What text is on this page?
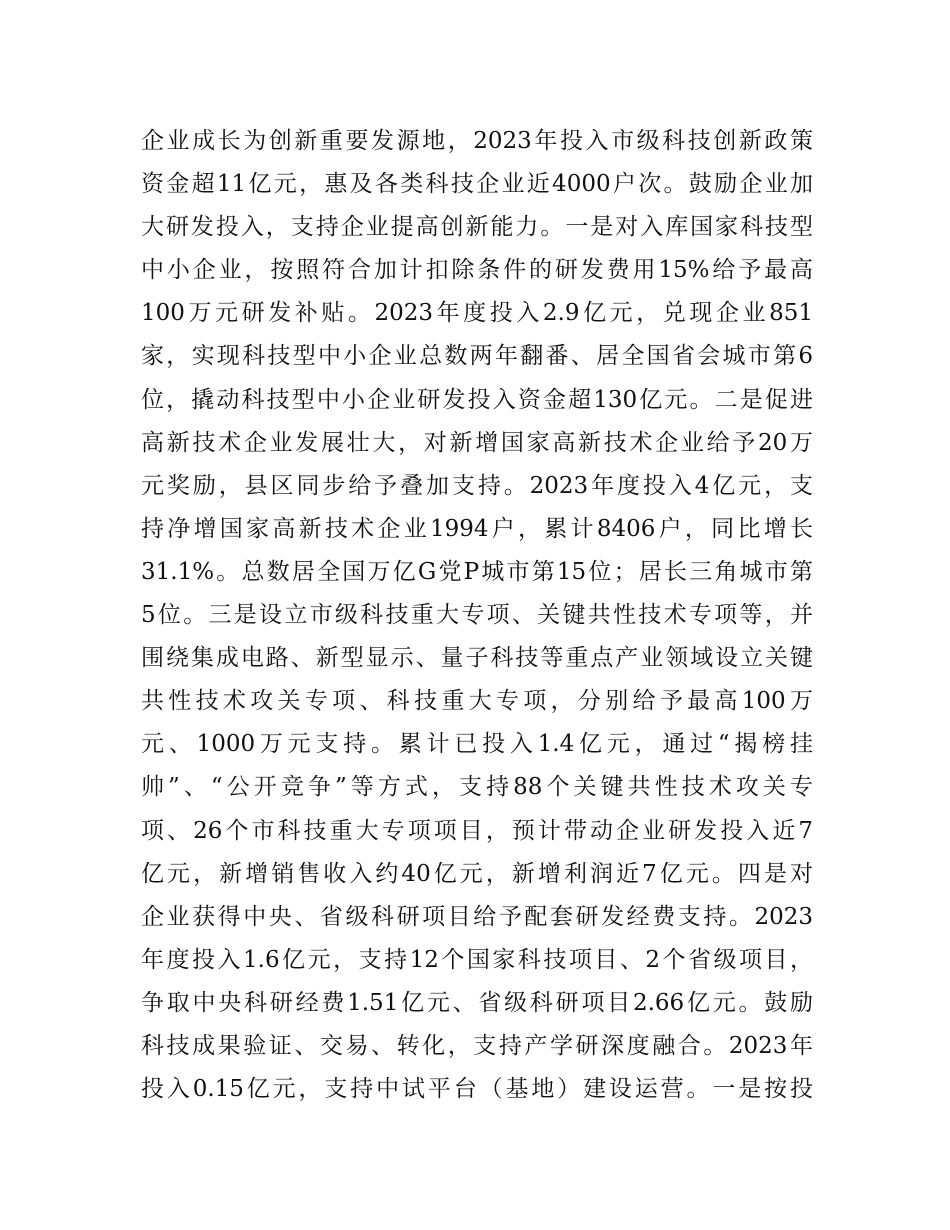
企业成长为创新重要发源地，2023年投入市级科技创新政策
资金超11亿元，惠及各类科技企业近4000户次。鼓励企业加
大研发投入，支持企业提高创新能力。一是对入库国家科技型
中小企业，按照符合加计扣除条件的研发费用15%给予最高
100万元研发补贴。2023年度投入2.9亿元，兑现企业851
家，实现科技型中小企业总数两年翻番、居全国省会城市第6
位，撬动科技型中小企业研发投入资金超130亿元。二是促进
高新技术企业发展壮大，对新增国家高新技术企业给予20万
元奖励，县区同步给予叠加支持。2023年度投入4亿元，支
持净增国家高新技术企业1994户，累计8406户，同比增长
31.1%。总数居全国万亿G党P城市第15位；居长三角城市第
5位。三是设立市级科技重大专项、关键共性技术专项等，并
围绕集成电路、新型显示、量子科技等重点产业领域设立关键
共性技术攻关专项、科技重大专项，分别给予最高100万
元、1000万元支持。累计已投入1.4亿元，通过“揭榜挂
帅”、“公开竞争”等方式，支持88个关键共性技术攻关专
项、26个市科技重大专项项目，预计带动企业研发投入近7
亿元，新增销售收入约40亿元，新增利润近7亿元。四是对
企业获得中央、省级科研项目给予配套研发经费支持。2023
年度投入1.6亿元，支持12个国家科技项目、2个省级项目，
争取中央科研经费1.51亿元、省级科研项目2.66亿元。鼓励
科技成果验证、交易、转化，支持产学研深度融合。2023年
投入0.15亿元，支持中试平台（基地）建设运营。一是按投
